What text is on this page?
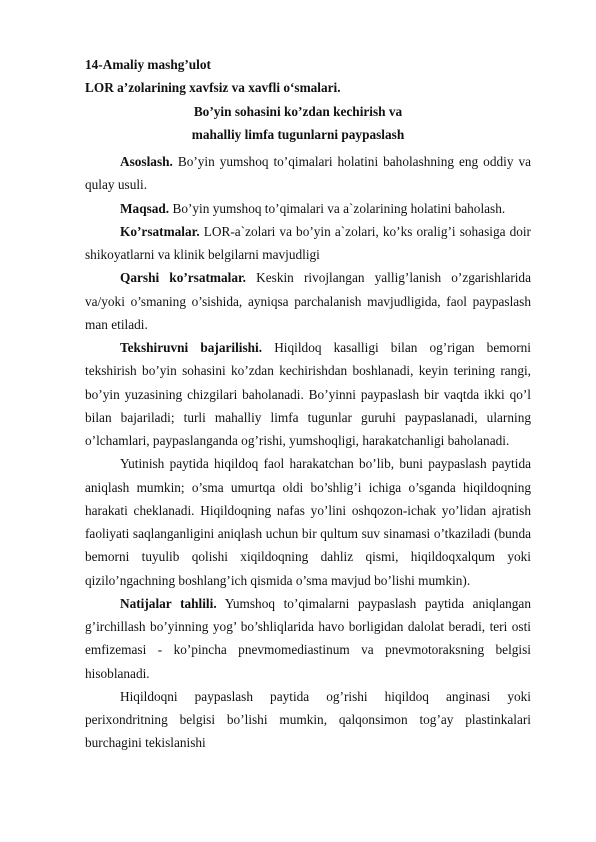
14-Amaliy mashg’ulot
LOR a’zolarining xavfsiz va xavfli o‘smalari.
Bo’yin sohasini ko’zdan kechirish va
mahalliy limfa tugunlarni paypaslash

Asoslash. Bo’yin yumshoq to’qimalari holatini baholashning eng oddiy va qulay usuli.

Maqsad. Bo’yin yumshoq to’qimalari va a`zolarining holatini baholash.

Ko’rsatmalar. LOR-a`zolari va bo’yin a`zolari, ko’ks oralig’i sohasiga doir shikoyatlarni va klinik belgilarni mavjudligi

Qarshi ko’rsatmalar. Keskin rivojlangan yallig’lanish o’zgarishlarida va/yoki o’smaning o’sishida, ayniqsa parchalanish mavjudligida, faol paypaslash man etiladi.

Tekshiruvni bajarilishi. Hiqildoq kasalligi bilan og’rigan bemorni tekshirish bo’yin sohasini ko’zdan kechirishdan boshlanadi, keyin terining rangi, bo’yin yuzasining chizgilari baholanadi. Bo’yinni paypaslash bir vaqtda ikki qo’l bilan bajariladi; turli mahalliy limfa tugunlar guruhi paypaslanadi, ularning o’lchamlari, paypaslanganda og’rishi, yumshoqligi, harakatchanligi baholanadi.

Yutinish paytida hiqildoq faol harakatchan bo’lib, buni paypaslash paytida aniqlash mumkin; o’sma umurtqa oldi bo’shlig’i ichiga o’sganda hiqildoqning harakati cheklanadi. Hiqildoqning nafas yo’lini oshqozon-ichak yo’lidan ajratish faoliyati saqlanganligini aniqlash uchun bir qultum suv sinamasi o’tkaziladi (bunda bemorni tuyulib qolishi xiqildoqning dahliz qismi, hiqildoqxalqum yoki qizilo’ngachning boshlang’ich qismida o’sma mavjud bo’lishi mumkin).

Natijalar tahlili. Yumshoq to’qimalarni paypaslash paytida aniqlangan g’irchillash bo’yinning yog’ bo’shliqlarida havo borligidan dalolat beradi, teri osti emfizemasi - ko’pincha pnevmomediastinum va pnevmotoraksning belgisi hisoblanadi.

Hiqildoqni paypaslash paytida og’rishi hiqildoq anginasi yoki perixondritning belgisi bo’lishi mumkin, qalqonsimon tog’ay plastinkalari burchagini tekislanishi
